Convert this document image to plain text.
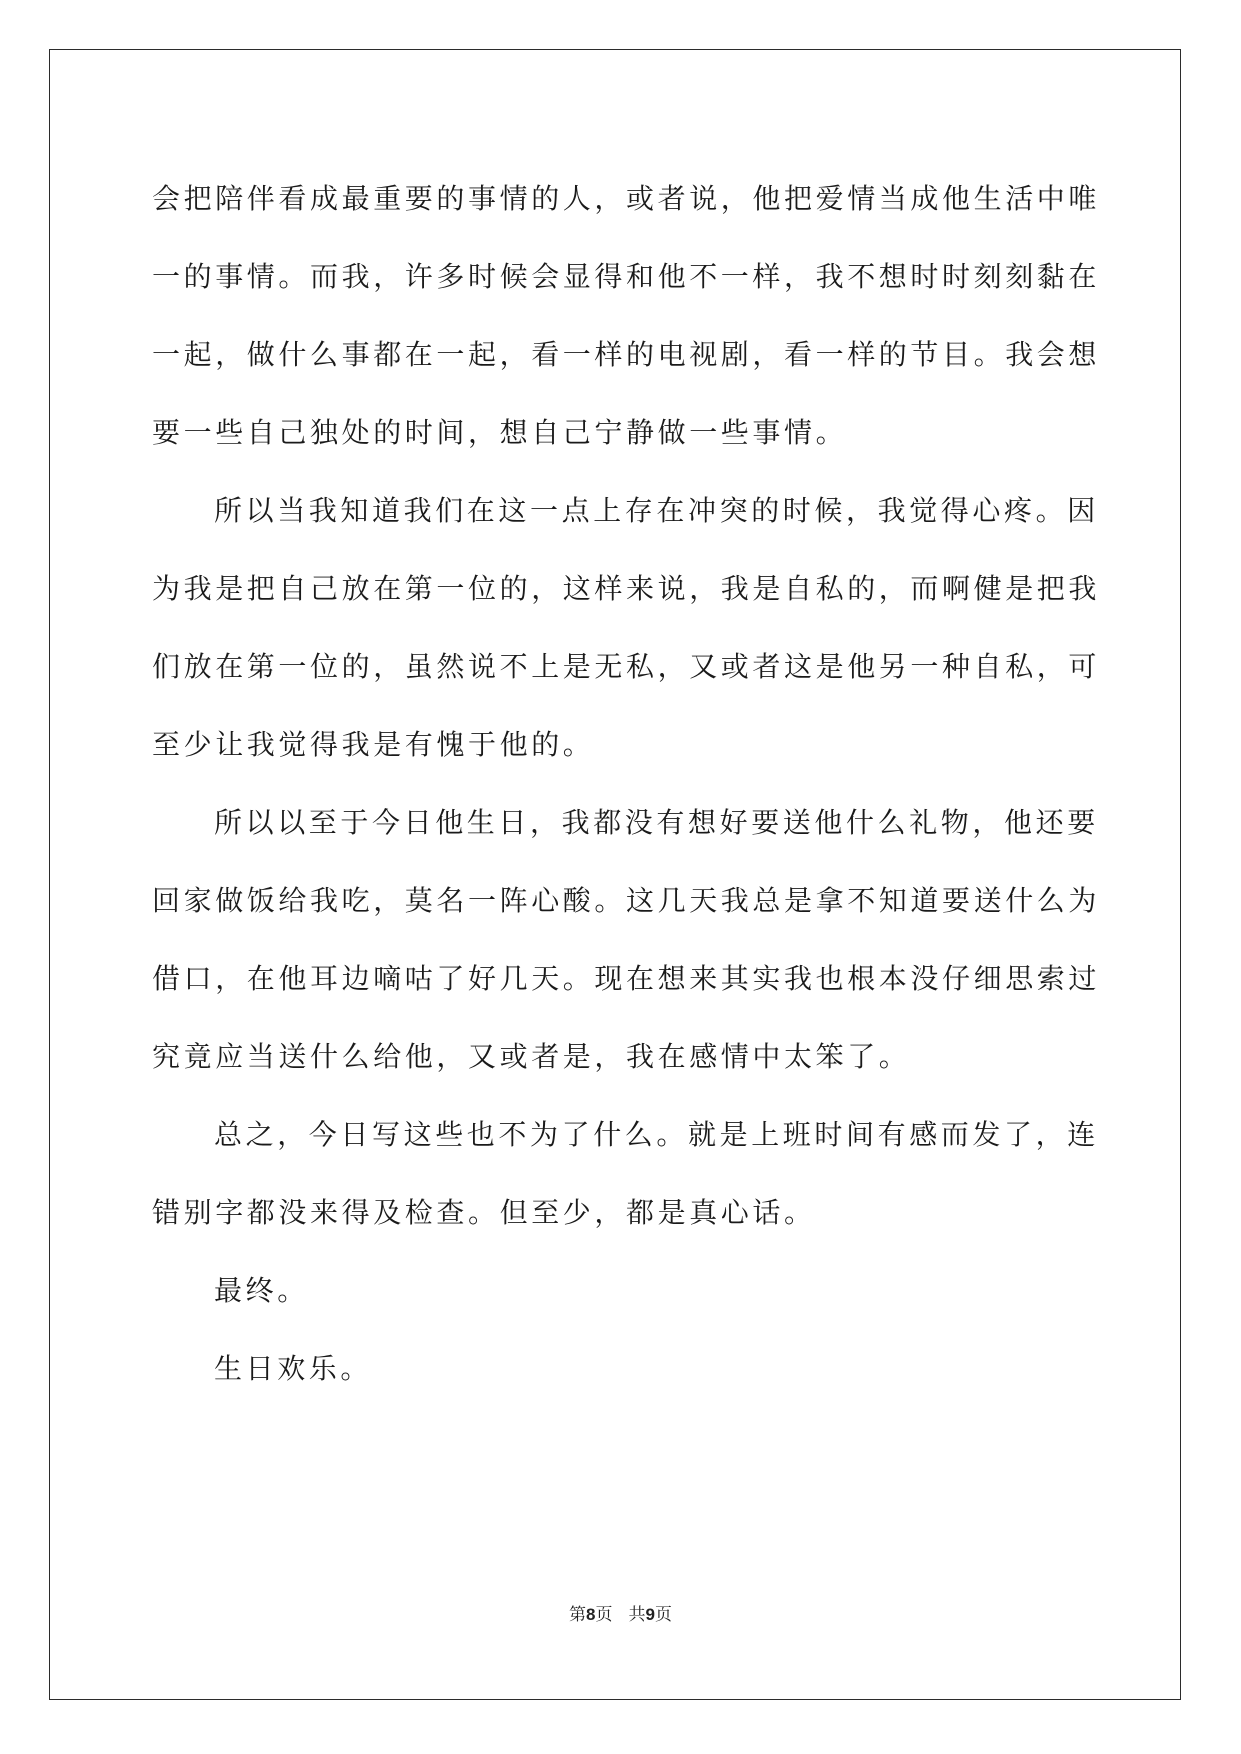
会把陪伴看成最重要的事情的人，或者说，他把爱情当成他生活中唯
一的事情。而我，许多时候会显得和他不一样，我不想时时刻刻黏在
一起，做什么事都在一起，看一样的电视剧，看一样的节目。我会想
要一些自己独处的时间，想自己宁静做一些事情。
所以当我知道我们在这一点上存在冲突的时候，我觉得心疼。因
为我是把自己放在第一位的，这样来说，我是自私的，而啊健是把我
们放在第一位的，虽然说不上是无私，又或者这是他另一种自私，可
至少让我觉得我是有愧于他的。
所以以至于今日他生日，我都没有想好要送他什么礼物，他还要
回家做饭给我吃，莫名一阵心酸。这几天我总是拿不知道要送什么为
借口，在他耳边嘀咕了好几天。现在想来其实我也根本没仔细思索过
究竟应当送什么给他，又或者是，我在感情中太笨了。
总之，今日写这些也不为了什么。就是上班时间有感而发了，连
错别字都没来得及检查。但至少，都是真心话。
最终。
生日欢乐。
第8页 共9页
